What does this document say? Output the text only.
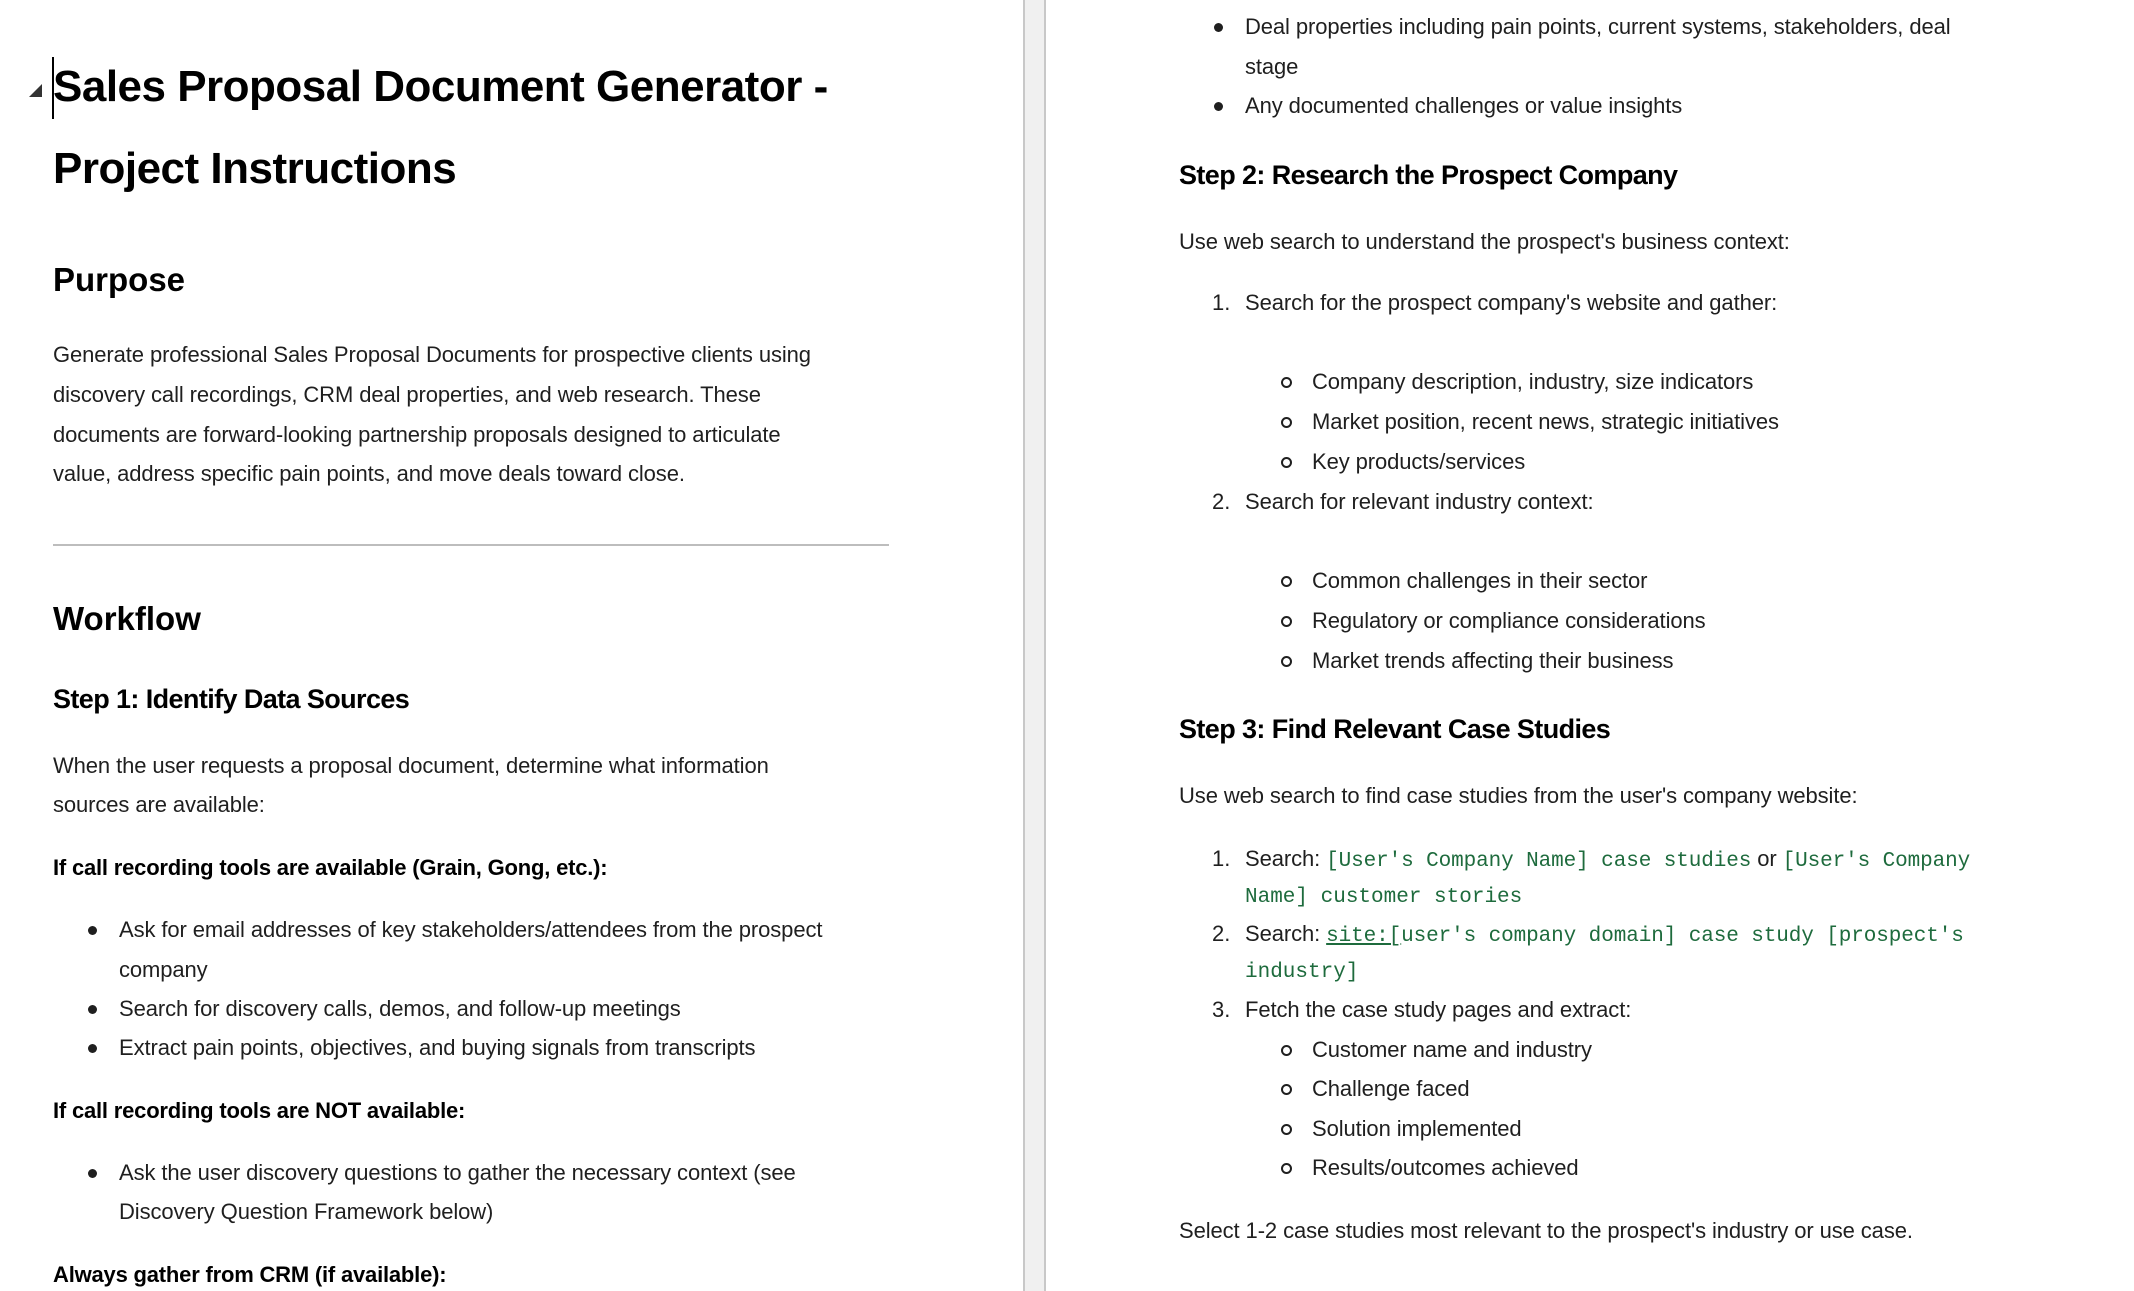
Sales Proposal Document Generator -
Project Instructions
Purpose
Generate professional Sales Proposal Documents for prospective clients using
discovery call recordings, CRM deal properties, and web research. These
documents are forward-looking partnership proposals designed to articulate
value, address specific pain points, and move deals toward close.
Workflow
Step 1: Identify Data Sources
When the user requests a proposal document, determine what information
sources are available:
If call recording tools are available (Grain, Gong, etc.):
Ask for email addresses of key stakeholders/attendees from the prospect
company
Search for discovery calls, demos, and follow-up meetings
Extract pain points, objectives, and buying signals from transcripts
If call recording tools are NOT available:
Ask the user discovery questions to gather the necessary context (see
Discovery Question Framework below)
Always gather from CRM (if available):
Deal properties including pain points, current systems, stakeholders, deal
stage
Any documented challenges or value insights
Step 2: Research the Prospect Company
Use web search to understand the prospect's business context:
1. Search for the prospect company's website and gather:
Company description, industry, size indicators
Market position, recent news, strategic initiatives
Key products/services
2. Search for relevant industry context:
Common challenges in their sector
Regulatory or compliance considerations
Market trends affecting their business
Step 3: Find Relevant Case Studies
Use web search to find case studies from the user's company website:
1. Search: [User's Company Name] case studies or [User's Company
Name] customer stories
2. Search: site:[user's company domain] case study [prospect's
industry]
3. Fetch the case study pages and extract:
Customer name and industry
Challenge faced
Solution implemented
Results/outcomes achieved
Select 1-2 case studies most relevant to the prospect's industry or use case.
